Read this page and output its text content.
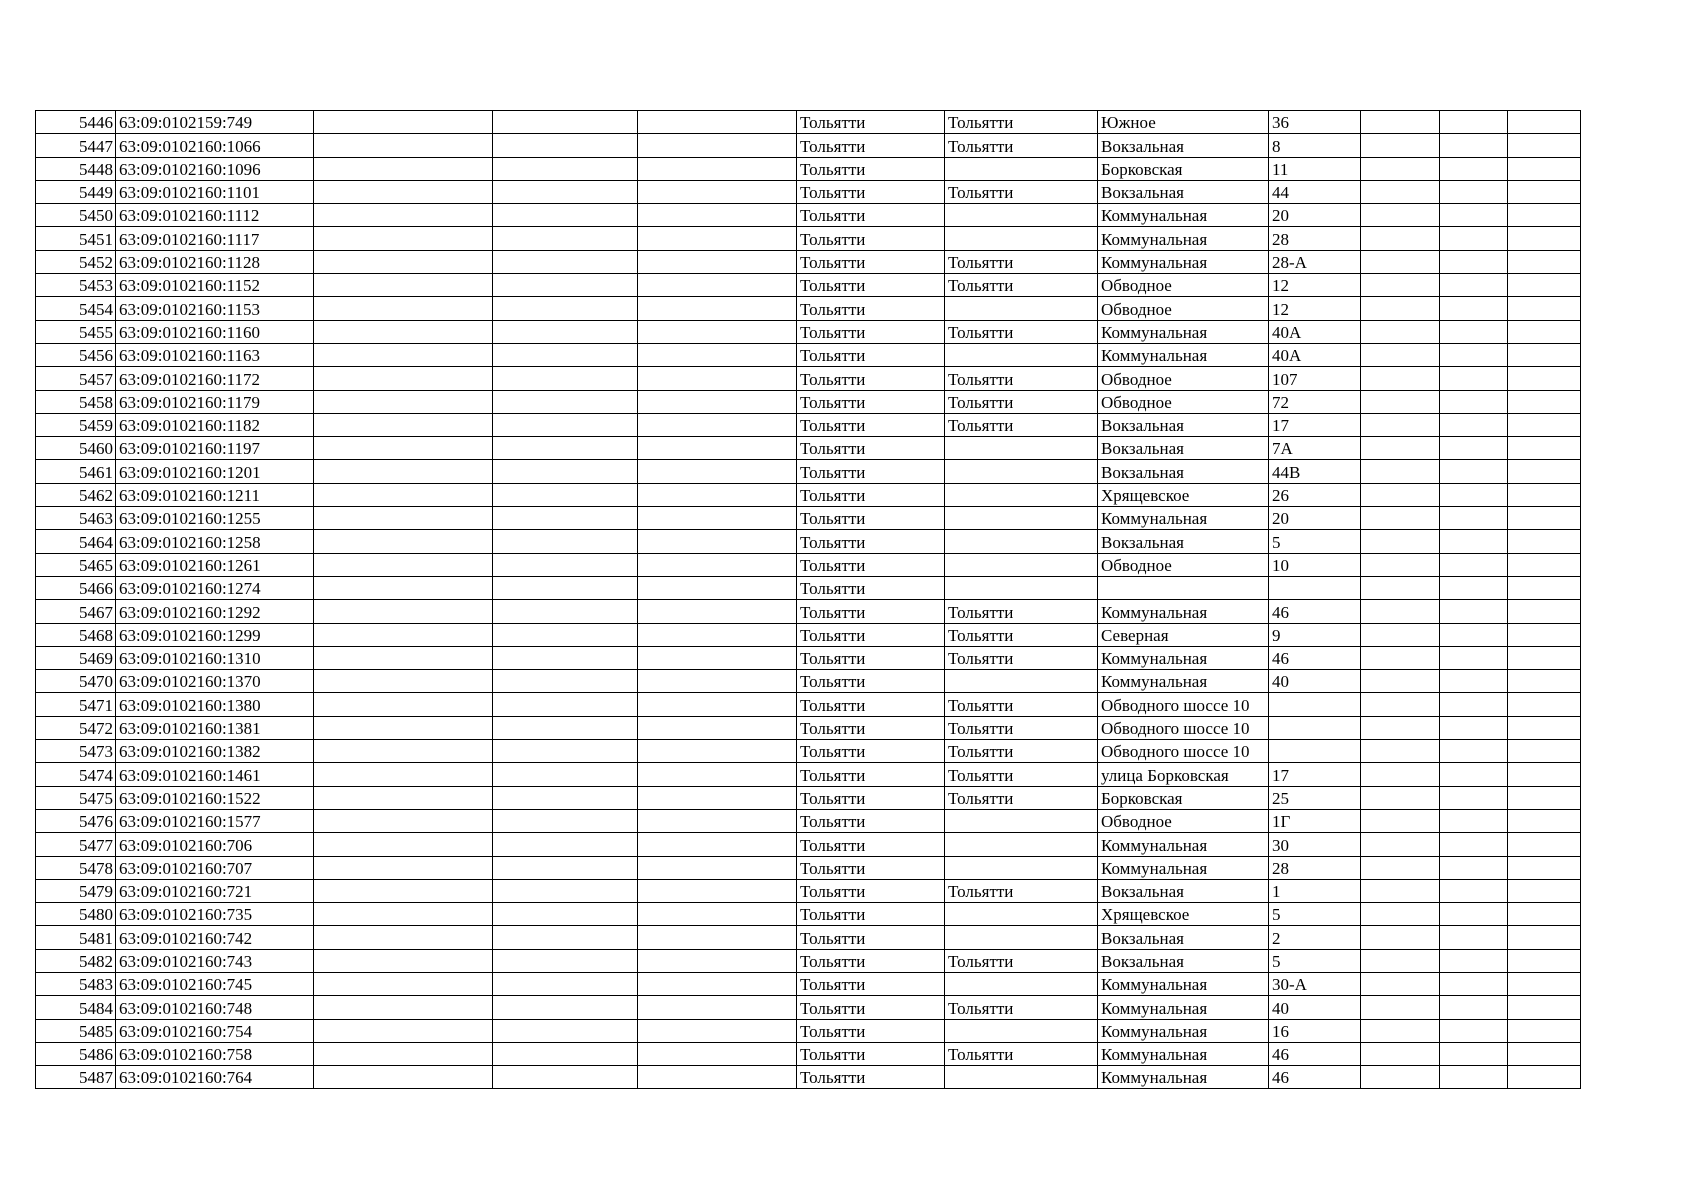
5446	63:09:0102159:749				Тольятти	Тольятти	Южное	36			
5447	63:09:0102160:1066				Тольятти	Тольятти	Вокзальная	8			
5448	63:09:0102160:1096				Тольятти		Борковская	11			
5449	63:09:0102160:1101				Тольятти	Тольятти	Вокзальная	44			
5450	63:09:0102160:1112				Тольятти		Коммунальная	20			
5451	63:09:0102160:1117				Тольятти		Коммунальная	28			
5452	63:09:0102160:1128				Тольятти	Тольятти	Коммунальная	28-А			
5453	63:09:0102160:1152				Тольятти	Тольятти	Обводное	12			
5454	63:09:0102160:1153				Тольятти		Обводное	12			
5455	63:09:0102160:1160				Тольятти	Тольятти	Коммунальная	40А			
5456	63:09:0102160:1163				Тольятти		Коммунальная	40А			
5457	63:09:0102160:1172				Тольятти	Тольятти	Обводное	107			
5458	63:09:0102160:1179				Тольятти	Тольятти	Обводное	72			
5459	63:09:0102160:1182				Тольятти	Тольятти	Вокзальная	17			
5460	63:09:0102160:1197				Тольятти		Вокзальная	7А			
5461	63:09:0102160:1201				Тольятти		Вокзальная	44В			
5462	63:09:0102160:1211				Тольятти		Хрящевское	26			
5463	63:09:0102160:1255				Тольятти		Коммунальная	20			
5464	63:09:0102160:1258				Тольятти		Вокзальная	5			
5465	63:09:0102160:1261				Тольятти		Обводное	10			
5466	63:09:0102160:1274				Тольятти						
5467	63:09:0102160:1292				Тольятти	Тольятти	Коммунальная	46			
5468	63:09:0102160:1299				Тольятти	Тольятти	Северная	9			
5469	63:09:0102160:1310				Тольятти	Тольятти	Коммунальная	46			
5470	63:09:0102160:1370				Тольятти		Коммунальная	40			
5471	63:09:0102160:1380				Тольятти	Тольятти	Обводного шоссе 10				
5472	63:09:0102160:1381				Тольятти	Тольятти	Обводного шоссе 10				
5473	63:09:0102160:1382				Тольятти	Тольятти	Обводного шоссе 10				
5474	63:09:0102160:1461				Тольятти	Тольятти	улица Борковская	17			
5475	63:09:0102160:1522				Тольятти	Тольятти	Борковская	25			
5476	63:09:0102160:1577				Тольятти		Обводное	1Г			
5477	63:09:0102160:706				Тольятти		Коммунальная	30			
5478	63:09:0102160:707				Тольятти		Коммунальная	28			
5479	63:09:0102160:721				Тольятти	Тольятти	Вокзальная	1			
5480	63:09:0102160:735				Тольятти		Хрящевское	5			
5481	63:09:0102160:742				Тольятти		Вокзальная	2			
5482	63:09:0102160:743				Тольятти	Тольятти	Вокзальная	5			
5483	63:09:0102160:745				Тольятти		Коммунальная	30-А			
5484	63:09:0102160:748				Тольятти	Тольятти	Коммунальная	40			
5485	63:09:0102160:754				Тольятти		Коммунальная	16			
5486	63:09:0102160:758				Тольятти	Тольятти	Коммунальная	46			
5487	63:09:0102160:764				Тольятти		Коммунальная	46			
